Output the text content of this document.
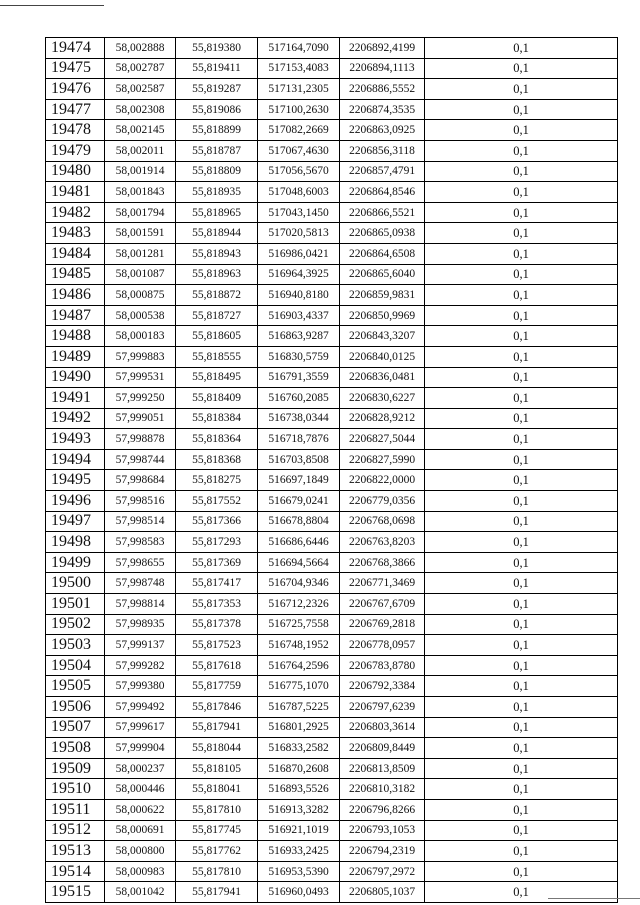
19474	58,002888	55,819380	517164,7090	2206892,4199	0,1
19475	58,002787	55,819411	517153,4083	2206894,1113	0,1
19476	58,002587	55,819287	517131,2305	2206886,5552	0,1
19477	58,002308	55,819086	517100,2630	2206874,3535	0,1
19478	58,002145	55,818899	517082,2669	2206863,0925	0,1
19479	58,002011	55,818787	517067,4630	2206856,3118	0,1
19480	58,001914	55,818809	517056,5670	2206857,4791	0,1
19481	58,001843	55,818935	517048,6003	2206864,8546	0,1
19482	58,001794	55,818965	517043,1450	2206866,5521	0,1
19483	58,001591	55,818944	517020,5813	2206865,0938	0,1
19484	58,001281	55,818943	516986,0421	2206864,6508	0,1
19485	58,001087	55,818963	516964,3925	2206865,6040	0,1
19486	58,000875	55,818872	516940,8180	2206859,9831	0,1
19487	58,000538	55,818727	516903,4337	2206850,9969	0,1
19488	58,000183	55,818605	516863,9287	2206843,3207	0,1
19489	57,999883	55,818555	516830,5759	2206840,0125	0,1
19490	57,999531	55,818495	516791,3559	2206836,0481	0,1
19491	57,999250	55,818409	516760,2085	2206830,6227	0,1
19492	57,999051	55,818384	516738,0344	2206828,9212	0,1
19493	57,998878	55,818364	516718,7876	2206827,5044	0,1
19494	57,998744	55,818368	516703,8508	2206827,5990	0,1
19495	57,998684	55,818275	516697,1849	2206822,0000	0,1
19496	57,998516	55,817552	516679,0241	2206779,0356	0,1
19497	57,998514	55,817366	516678,8804	2206768,0698	0,1
19498	57,998583	55,817293	516686,6446	2206763,8203	0,1
19499	57,998655	55,817369	516694,5664	2206768,3866	0,1
19500	57,998748	55,817417	516704,9346	2206771,3469	0,1
19501	57,998814	55,817353	516712,2326	2206767,6709	0,1
19502	57,998935	55,817378	516725,7558	2206769,2818	0,1
19503	57,999137	55,817523	516748,1952	2206778,0957	0,1
19504	57,999282	55,817618	516764,2596	2206783,8780	0,1
19505	57,999380	55,817759	516775,1070	2206792,3384	0,1
19506	57,999492	55,817846	516787,5225	2206797,6239	0,1
19507	57,999617	55,817941	516801,2925	2206803,3614	0,1
19508	57,999904	55,818044	516833,2582	2206809,8449	0,1
19509	58,000237	55,818105	516870,2608	2206813,8509	0,1
19510	58,000446	55,818041	516893,5526	2206810,3182	0,1
19511	58,000622	55,817810	516913,3282	2206796,8266	0,1
19512	58,000691	55,817745	516921,1019	2206793,1053	0,1
19513	58,000800	55,817762	516933,2425	2206794,2319	0,1
19514	58,000983	55,817810	516953,5390	2206797,2972	0,1
19515	58,001042	55,817941	516960,0493	2206805,1037	0,1
